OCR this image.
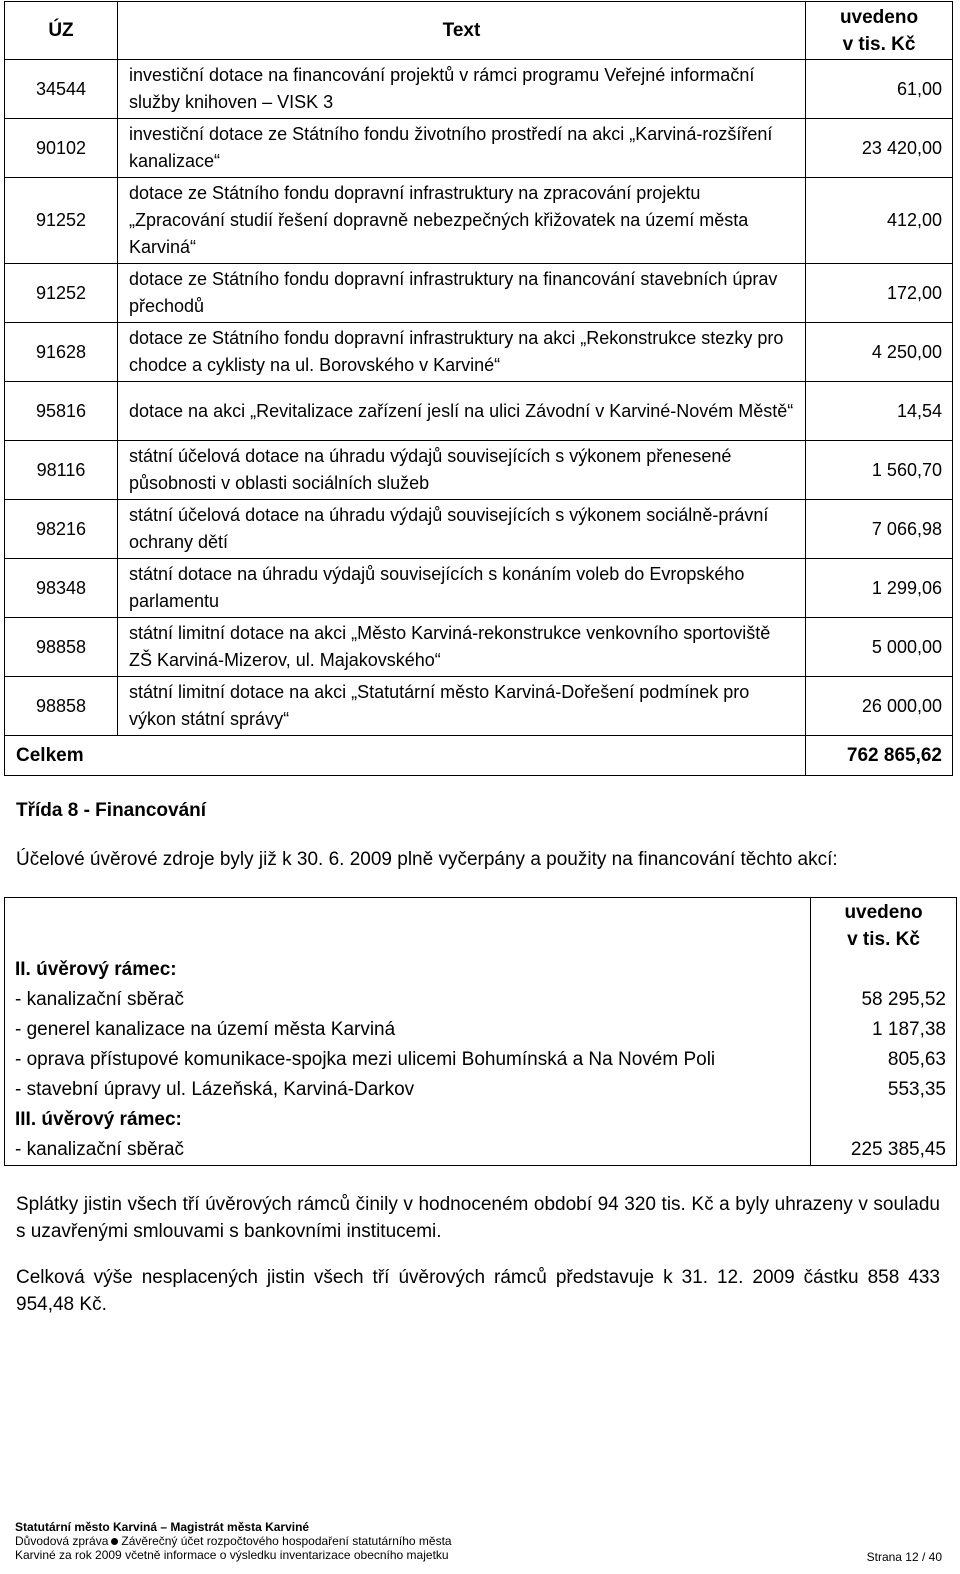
ÚZ	Text	uvedeno
v tis. Kč
34544	investiční dotace na financování projektů v rámci programu Veřejné informační služby knihoven – VISK 3	61,00
90102	investiční dotace ze Státního fondu životního prostředí na akci „Karviná-rozšíření kanalizace“	23 420,00
91252	dotace ze Státního fondu dopravní infrastruktury na zpracování projektu „Zpracování studií řešení dopravně nebezpečných křižovatek na území města Karviná“	412,00
91252	dotace ze Státního fondu dopravní infrastruktury na financování stavebních úprav přechodů	172,00
91628	dotace ze Státního fondu dopravní infrastruktury na akci „Rekonstrukce stezky pro chodce a cyklisty na ul. Borovského v Karviné“	4 250,00
95816	dotace na akci „Revitalizace zařízení jeslí na ulici Závodní v Karviné-Novém Městě“	14,54
98116	státní účelová dotace na úhradu výdajů souvisejících s výkonem přenesené působnosti v oblasti sociálních služeb	1 560,70
98216	státní účelová dotace na úhradu výdajů souvisejících s výkonem sociálně-právní ochrany dětí	7 066,98
98348	státní dotace na úhradu výdajů souvisejících s konáním voleb do Evropského parlamentu	1 299,06
98858	státní limitní dotace na akci „Město Karviná-rekonstrukce venkovního sportoviště ZŠ Karviná-Mizerov, ul. Majakovského“	5 000,00
98858	státní limitní dotace na akci „Statutární město Karviná-Dořešení podmínek pro výkon státní správy“	26 000,00
Celkem		762 865,62
Třída 8 - Financování
Účelové úvěrové zdroje byly již k 30. 6. 2009 plně vyčerpány a použity na financování těchto akcí:
	uvedeno
v tis. Kč
II. úvěrový rámec:	
- kanalizační sběrač	58 295,52
- generel kanalizace na území města Karviná	1 187,38
- oprava přístupové komunikace-spojka mezi ulicemi Bohumínská a Na Novém Poli	805,63
- stavební úpravy ul. Lázeňská, Karviná-Darkov	553,35
III. úvěrový rámec:	
- kanalizační sběrač	225 385,45
Splátky jistin všech tří úvěrových rámců činily v hodnoceném období 94 320 tis. Kč a byly uhrazeny v souladu s uzavřenými smlouvami s bankovními institucemi.
Celková výše nesplacených jistin všech tří úvěrových rámců představuje k 31. 12. 2009 částku 858 433 954,48 Kč.
Statutární město Karviná – Magistrát města Karviné
Důvodová zpráva Závěrečný účet rozpočtového hospodaření statutárního města
Karviné za rok 2009 včetně informace o výsledku inventarizace obecního majetku	Strana 12 / 40
